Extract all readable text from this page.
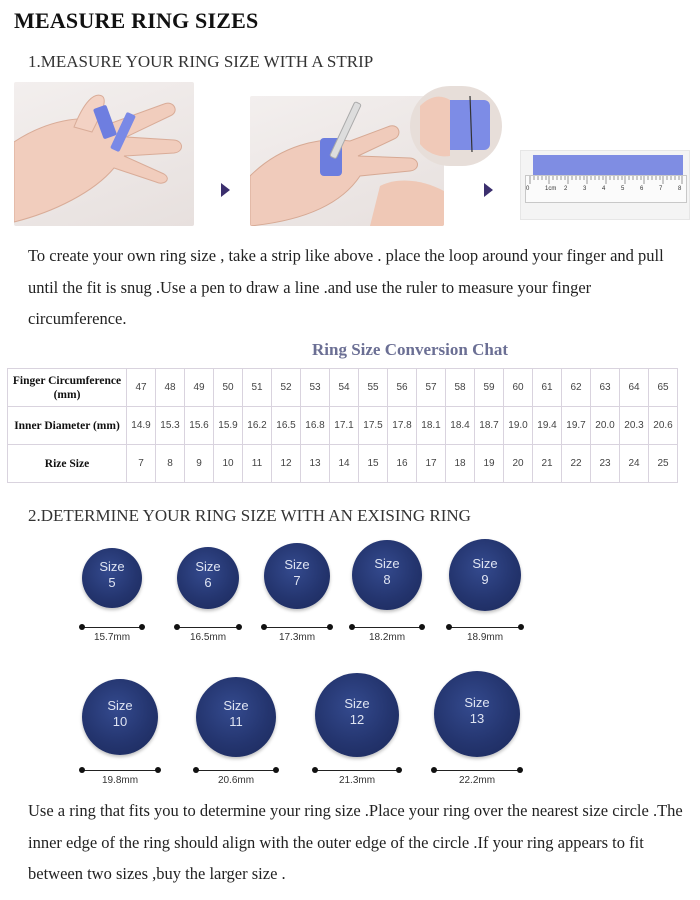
MEASURE RING SIZES
1.MEASURE YOUR RING SIZE WITH A STRIP
0	1cm 2	3	4	5	6	7	8
To create your own ring size , take a strip like above . place the loop around your finger and pull until the fit is snug .Use a pen to draw a line .and use the ruler to measure your finger circumference.
Ring Size Conversion Chat
Finger Circumference (mm)	47	48	49	50	51	52	53	54	55	56	57	58	59	60	61	62	63	64	65
Inner Diameter (mm)	14.9	15.3	15.6	15.9	16.2	16.5	16.8	17.1	17.5	17.8	18.1	18.4	18.7	19.0	19.4	19.7	20.0	20.3	20.6
Rize Size	7	8	9	10	11	12	13	14	15	16	17	18	19	20	21	22	23	24	25
2.DETERMINE YOUR RING SIZE WITH AN EXISING RING
Size
5
15.7mm
Size
6
16.5mm
Size
7
17.3mm
Size
8
18.2mm
Size
9
18.9mm
Size
10
19.8mm
Size
11
20.6mm
Size
12
21.3mm
Size
13
22.2mm
Use a ring that fits you to determine your ring size .Place your ring over the nearest size circle .The inner edge of the ring should align with the outer edge of the circle .If your ring appears to fit between two sizes ,buy the larger size .
